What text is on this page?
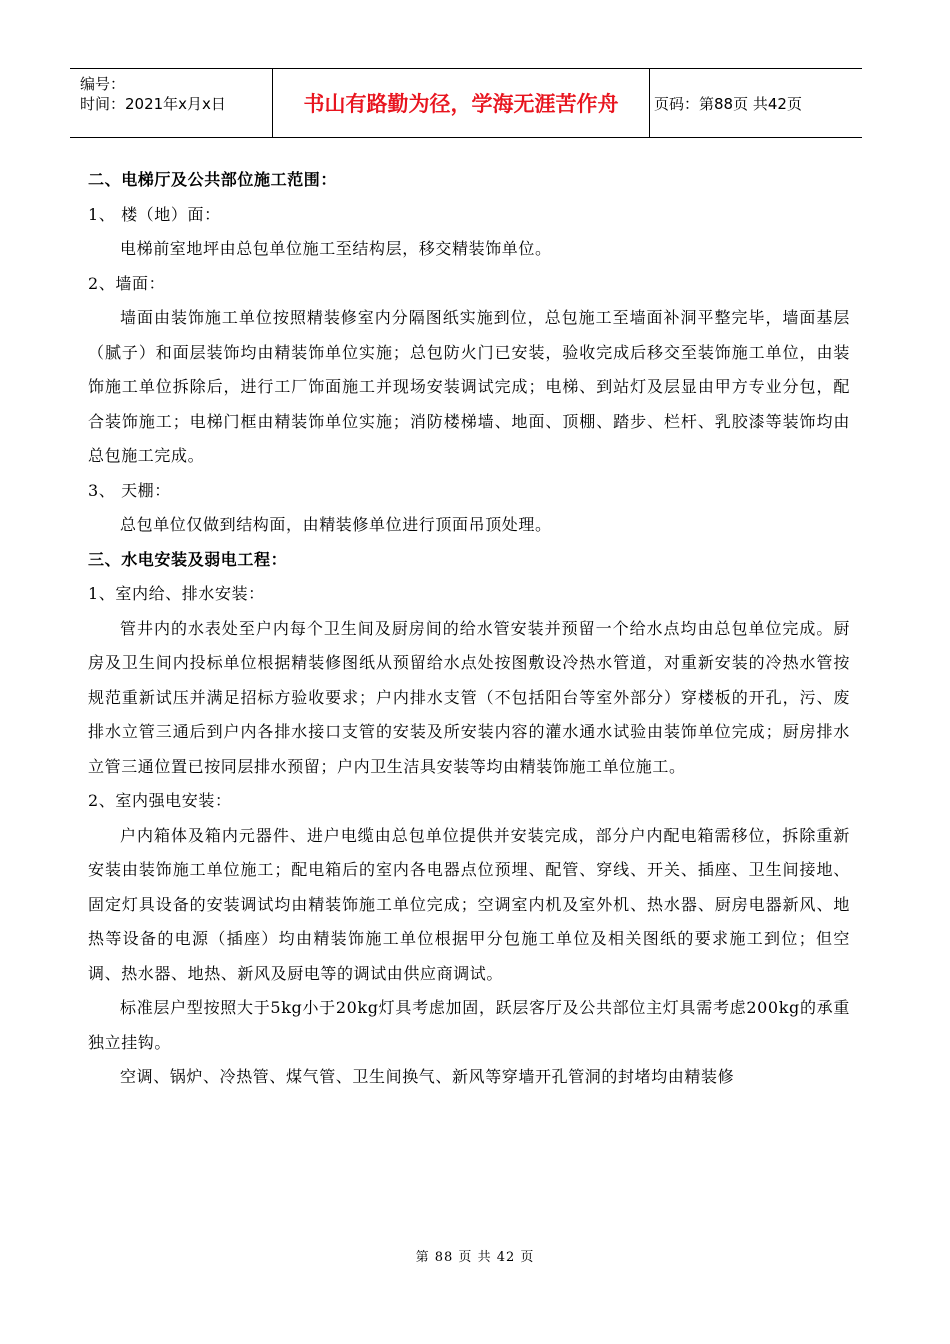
编号：
时间：2021年x月x日	书山有路勤为径，学海无涯苦作舟	页码：第88页 共42页

二、电梯厅及公共部位施工范围：

1、 楼（地）面：

电梯前室地坪由总包单位施工至结构层，移交精装饰单位。

2、墙面：

墙面由装饰施工单位按照精装修室内分隔图纸实施到位，总包施工至墙面补洞平整完毕，墙面基层（腻子）和面层装饰均由精装饰单位实施；总包防火门已安装，验收完成后移交至装饰施工单位，由装饰施工单位拆除后，进行工厂饰面施工并现场安装调试完成；电梯、到站灯及层显由甲方专业分包，配合装饰施工；电梯门框由精装饰单位实施；消防楼梯墙、地面、顶棚、踏步、栏杆、乳胶漆等装饰均由总包施工完成。

3、 天棚：

总包单位仅做到结构面，由精装修单位进行顶面吊顶处理。

三、水电安装及弱电工程：

1、室内给、排水安装：

管井内的水表处至户内每个卫生间及厨房间的给水管安装并预留一个给水点均由总包单位完成。厨房及卫生间内投标单位根据精装修图纸从预留给水点处按图敷设冷热水管道，对重新安装的冷热水管按规范重新试压并满足招标方验收要求；户内排水支管（不包括阳台等室外部分）穿楼板的开孔，污、废排水立管三通后到户内各排水接口支管的安装及所安装内容的灌水通水试验由装饰单位完成；厨房排水立管三通位置已按同层排水预留；户内卫生洁具安装等均由精装饰施工单位施工。

2、室内强电安装：

户内箱体及箱内元器件、进户电缆由总包单位提供并安装完成，部分户内配电箱需移位，拆除重新安装由装饰施工单位施工；配电箱后的室内各电器点位预埋、配管、穿线、开关、插座、卫生间接地、固定灯具设备的安装调试均由精装饰施工单位完成；空调室内机及室外机、热水器、厨房电器新风、地热等设备的电源（插座）均由精装饰施工单位根据甲分包施工单位及相关图纸的要求施工到位；但空调、热水器、地热、新风及厨电等的调试由供应商调试。

标准层户型按照大于5kg小于20kg灯具考虑加固，跃层客厅及公共部位主灯具需考虑200kg的承重独立挂钩。

空调、锅炉、冷热管、煤气管、卫生间换气、新风等穿墙开孔管洞的封堵均由精装修

第 88 页 共 42 页
